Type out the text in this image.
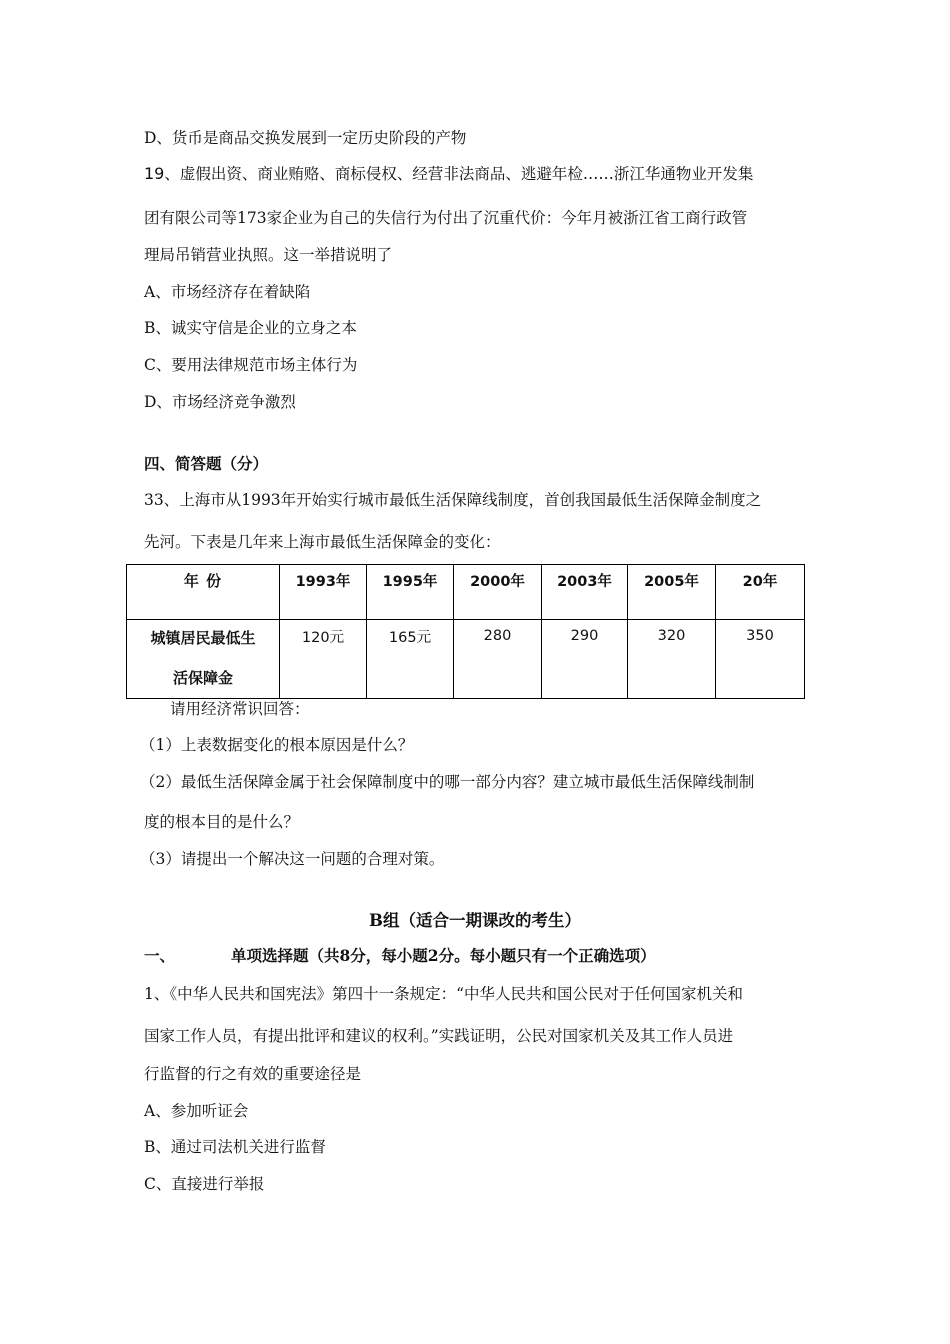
D、货币是商品交换发展到一定历史阶段的产物
19、虚假出资、商业贿赂、商标侵权、经营非法商品、逃避年检……浙江华通物业开发集
团有限公司等173家企业为自己的失信行为付出了沉重代价：今年月被浙江省工商行政管
理局吊销营业执照。这一举措说明了
A、市场经济存在着缺陷
B、诚实守信是企业的立身之本
C、要用法律规范市场主体行为
D、市场经济竞争激烈
四、简答题（分）
33、上海市从1993年开始实行城市最低生活保障线制度，首创我国最低生活保障金制度之
先河。下表是几年来上海市最低生活保障金的变化：
年 份	1993年	1995年	2000年	2003年	2005年	20年

城镇居民最低生
活保障金	120元	165元	280	290	320	350
请用经济常识回答：
（1）上表数据变化的根本原因是什么？
（2）最低生活保障金属于社会保障制度中的哪一部分内容？建立城市最低生活保障线制制
度的根本目的是什么？
（3）请提出一个解决这一问题的合理对策。
B组（适合一期课改的考生）
一、	单项选择题（共8分，每小题2分。每小题只有一个正确选项）
1、《中华人民共和国宪法》第四十一条规定：“中华人民共和国公民对于任何国家机关和
国家工作人员，有提出批评和建议的权利。”实践证明，公民对国家机关及其工作人员进
行监督的行之有效的重要途径是
A、参加听证会
B、通过司法机关进行监督
C、直接进行举报
